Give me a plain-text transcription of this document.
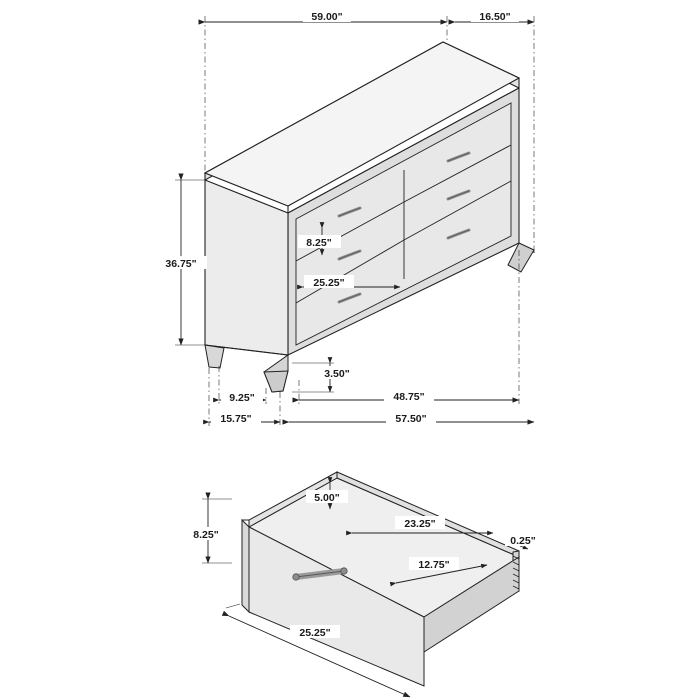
59.00"	16.50"
36.75"
8.25"
25.25"
3.50"
9.25"
15.75"
48.75"
57.50"
5.00"
23.25"
0.25"
12.75"
8.25"
25.25"
